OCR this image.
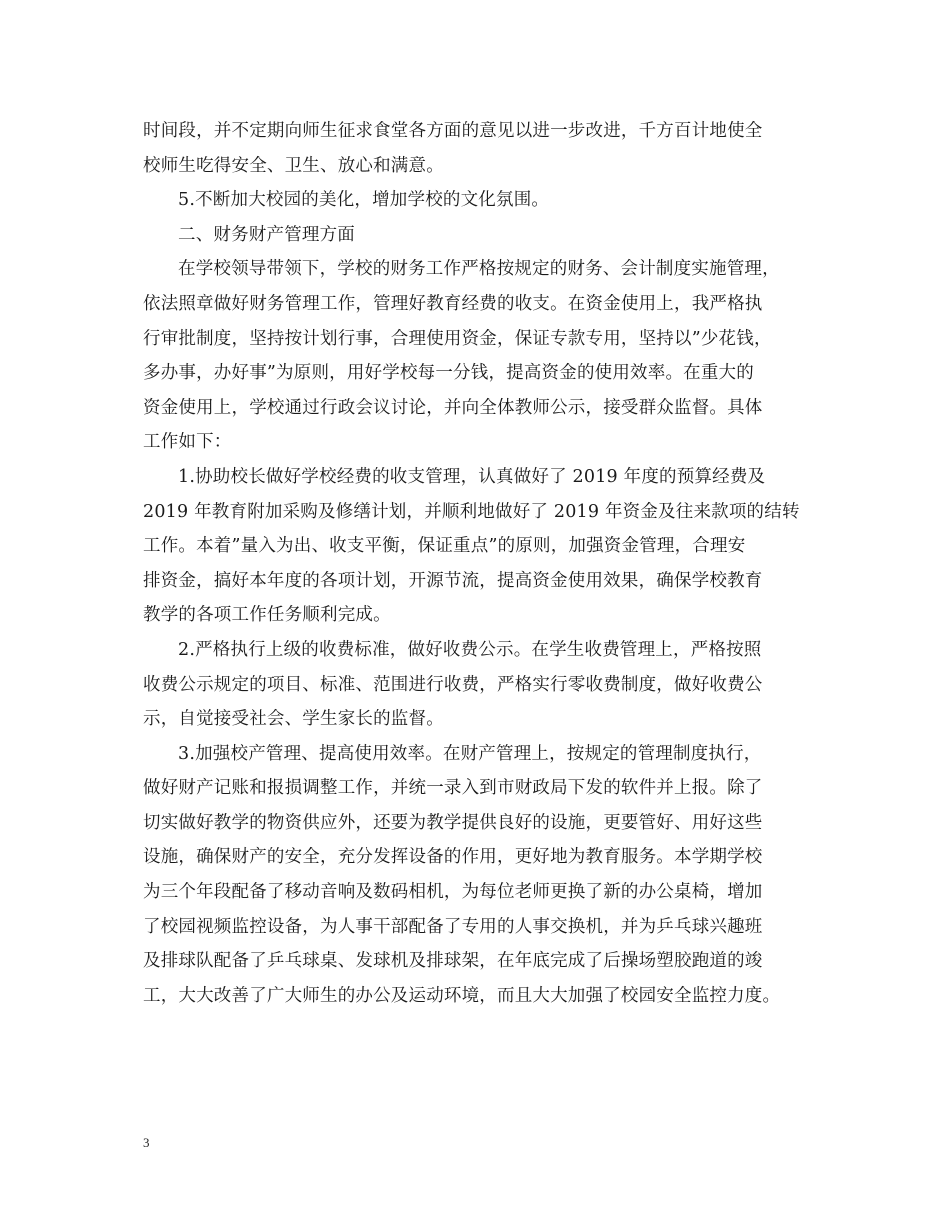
时间段，并不定期向师生征求食堂各方面的意见以进一步改进，千方百计地使全
校师生吃得安全、卫生、放心和满意。
5.不断加大校园的美化，增加学校的文化氛围。
二、财务财产管理方面
在学校领导带领下，学校的财务工作严格按规定的财务、会计制度实施管理，
依法照章做好财务管理工作，管理好教育经费的收支。在资金使用上，我严格执
行审批制度，坚持按计划行事，合理使用资金，保证专款专用，坚持以”少花钱，
多办事，办好事”为原则，用好学校每一分钱，提高资金的使用效率。在重大的
资金使用上，学校通过行政会议讨论，并向全体教师公示，接受群众监督。具体
工作如下：
1.协助校长做好学校经费的收支管理，认真做好了 2019 年度的预算经费及
2019 年教育附加采购及修缮计划，并顺利地做好了 2019 年资金及往来款项的结转
工作。本着”量入为出、收支平衡，保证重点”的原则，加强资金管理，合理安
排资金，搞好本年度的各项计划，开源节流，提高资金使用效果，确保学校教育
教学的各项工作任务顺利完成。
2.严格执行上级的收费标准，做好收费公示。在学生收费管理上，严格按照
收费公示规定的项目、标准、范围进行收费，严格实行零收费制度，做好收费公
示，自觉接受社会、学生家长的监督。
3.加强校产管理、提高使用效率。在财产管理上，按规定的管理制度执行，
做好财产记账和报损调整工作，并统一录入到市财政局下发的软件并上报。除了
切实做好教学的物资供应外，还要为教学提供良好的设施，更要管好、用好这些
设施，确保财产的安全，充分发挥设备的作用，更好地为教育服务。本学期学校
为三个年段配备了移动音响及数码相机，为每位老师更换了新的办公桌椅，增加
了校园视频监控设备，为人事干部配备了专用的人事交换机，并为乒乓球兴趣班
及排球队配备了乒乓球桌、发球机及排球架，在年底完成了后操场塑胶跑道的竣
工，大大改善了广大师生的办公及运动环境，而且大大加强了校园安全监控力度。
3
